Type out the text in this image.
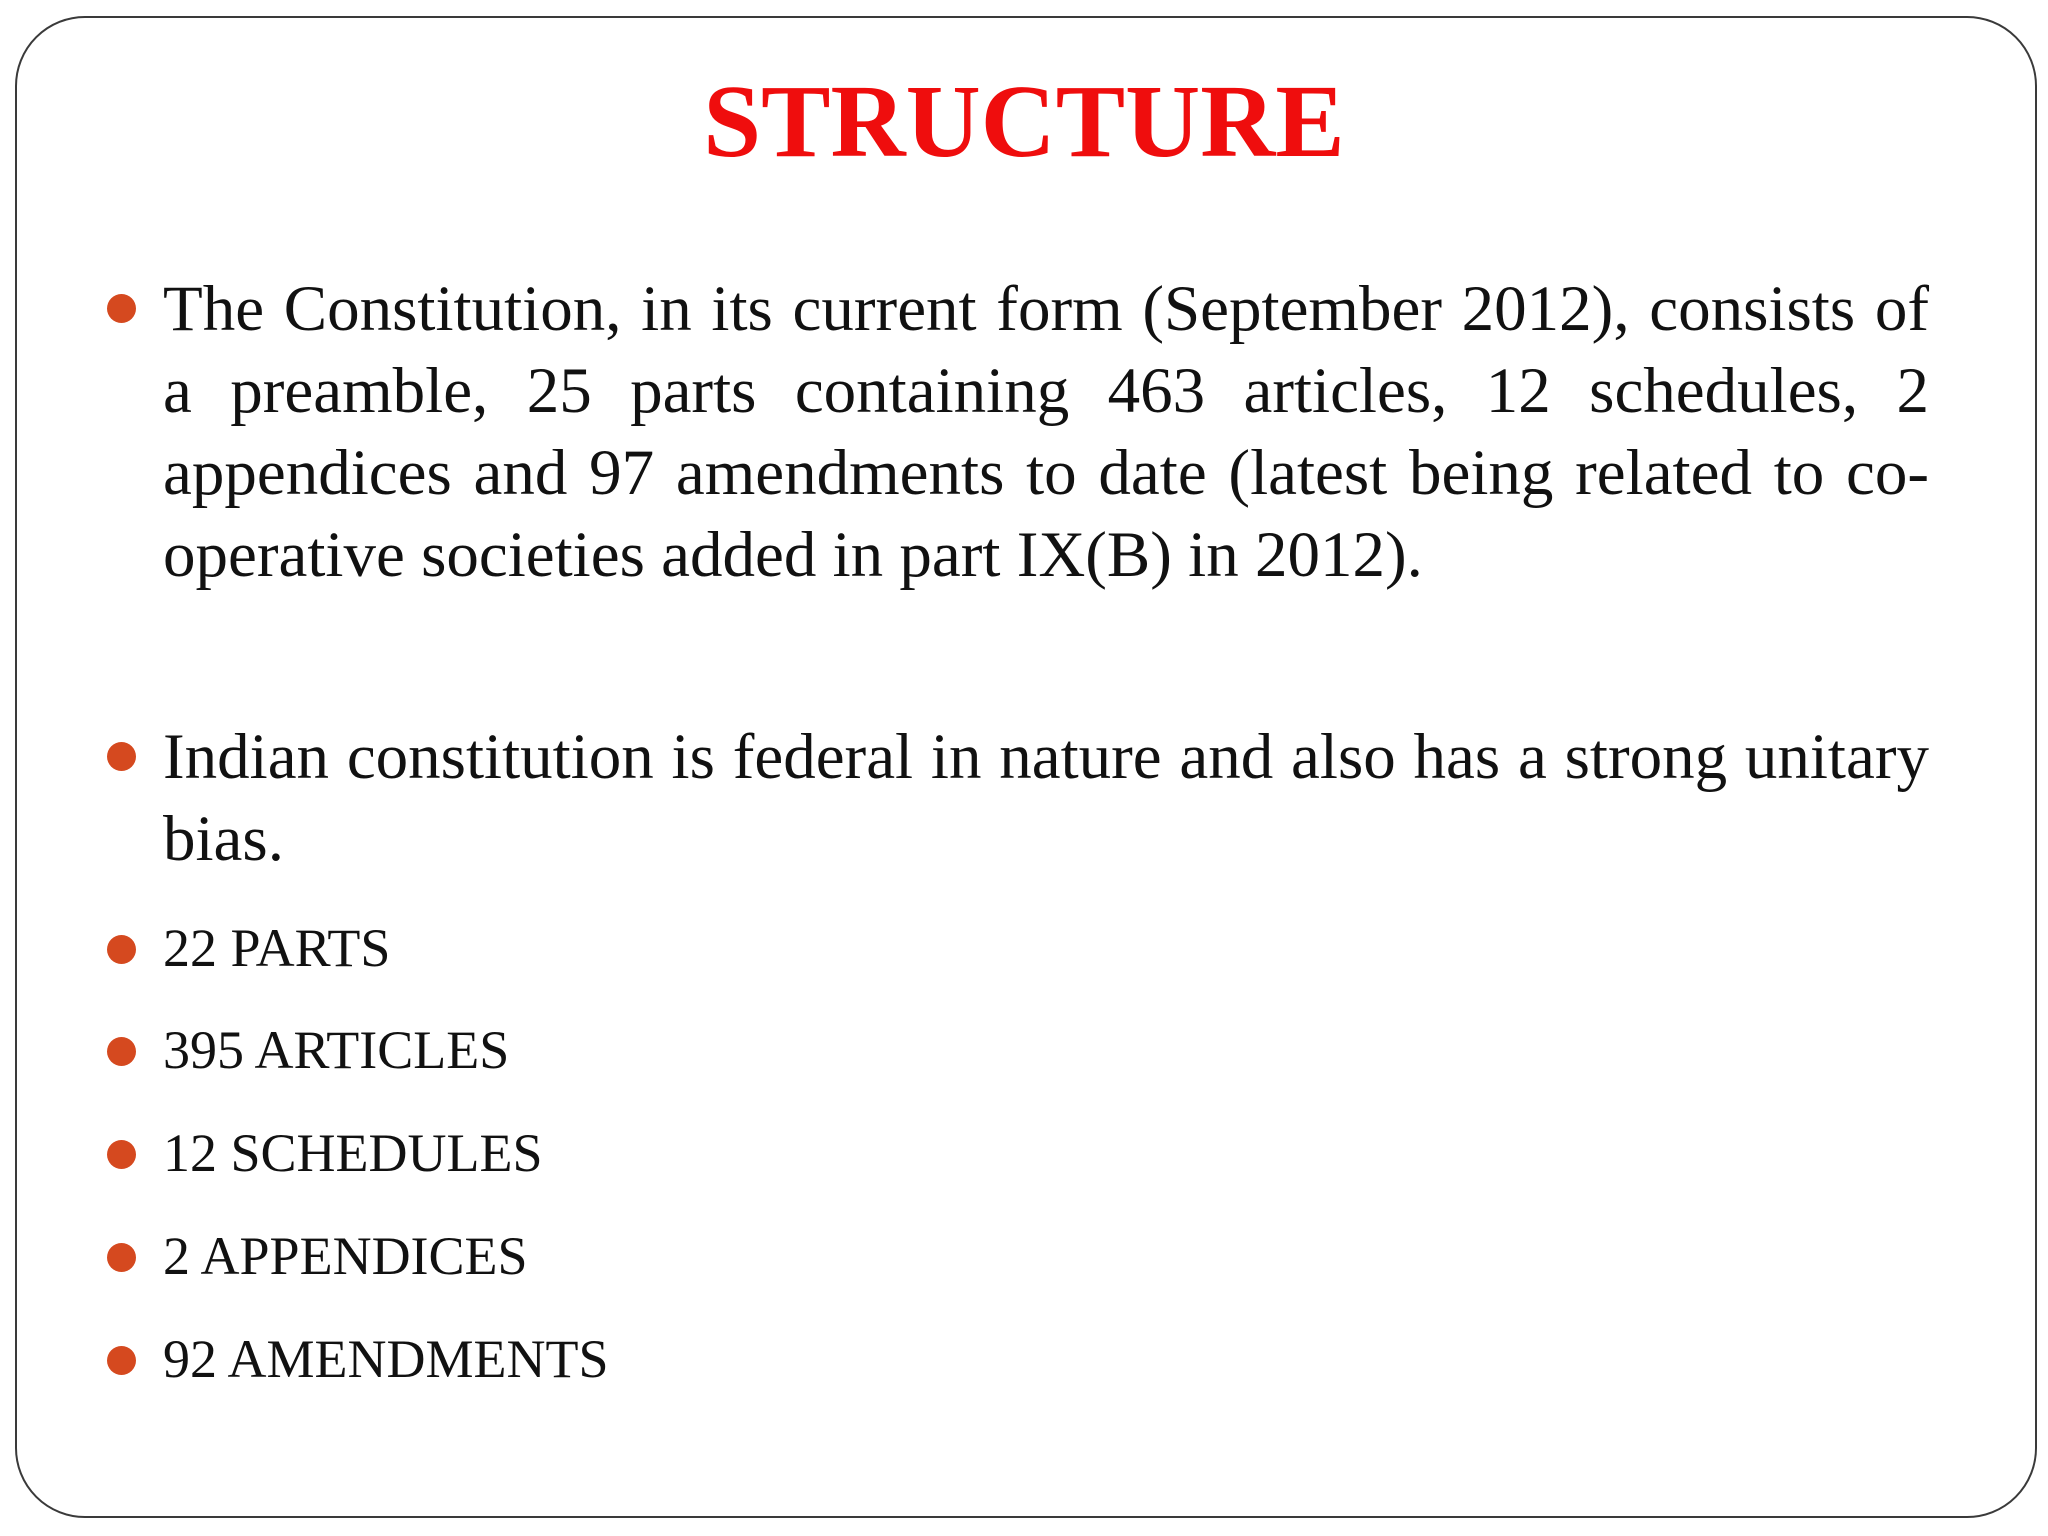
STRUCTURE

The Constitution, in its current form (September 2012), consists of a preamble, 25 parts containing 463 articles, 12 schedules, 2 appendices and 97 amendments to date (latest being related to co-operative societies added in part IX(B) in 2012).

Indian constitution is federal in nature and also has a strong unitary bias.

22 PARTS

395 ARTICLES

12 SCHEDULES

2 APPENDICES

92 AMENDMENTS
